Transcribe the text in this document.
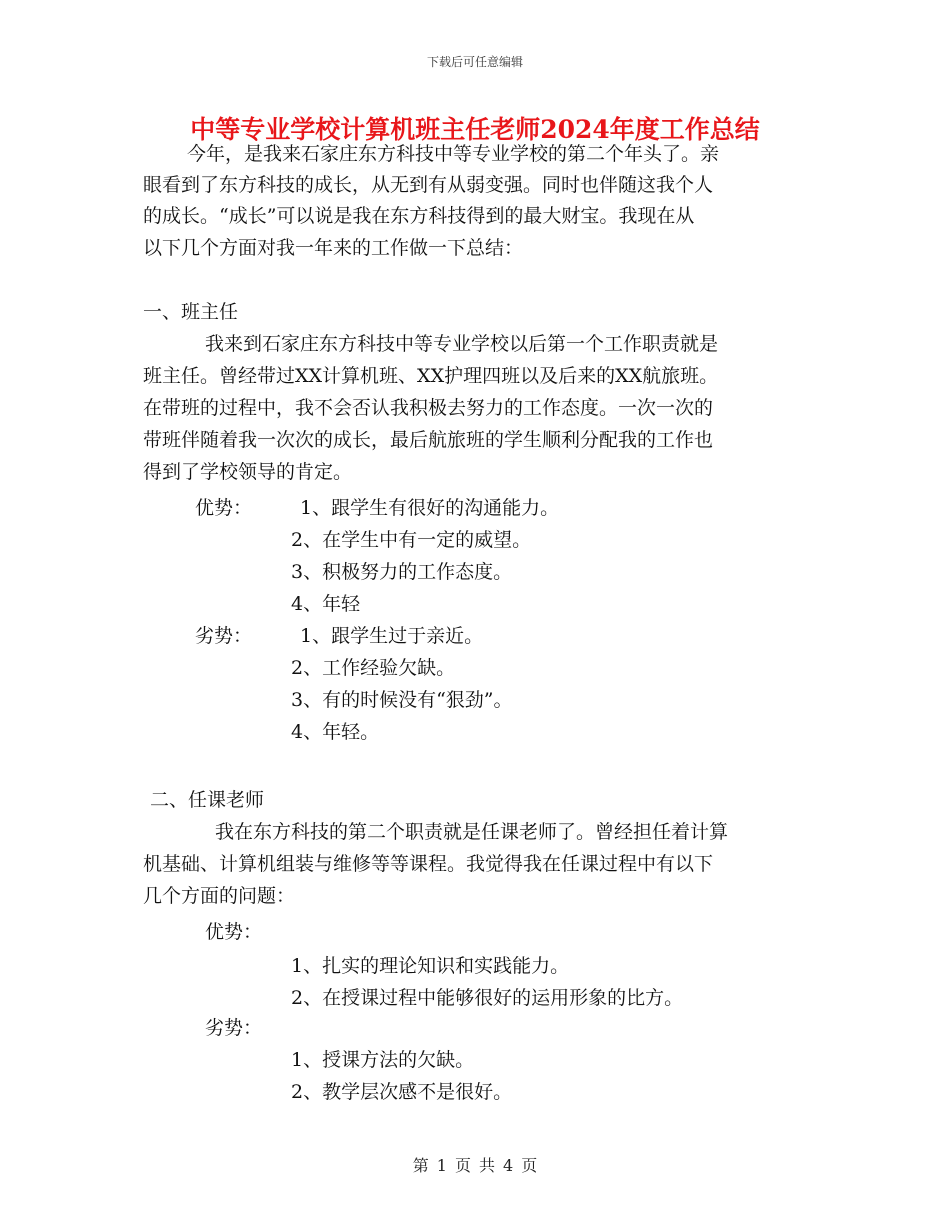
下载后可任意编辑
中等专业学校计算机班主任老师2024年度工作总结
今年，是我来石家庄东方科技中等专业学校的第二个年头了。亲
眼看到了东方科技的成长，从无到有从弱变强。同时也伴随这我个人
的成长。“成长”可以说是我在东方科技得到的最大财宝。我现在从
以下几个方面对我一年来的工作做一下总结：
一、班主任
我来到石家庄东方科技中等专业学校以后第一个工作职责就是
班主任。曾经带过XX计算机班、XX护理四班以及后来的XX航旅班。
在带班的过程中，我不会否认我积极去努力的工作态度。一次一次的
带班伴随着我一次次的成长，最后航旅班的学生顺利分配我的工作也
得到了学校领导的肯定。
优势：	1、跟学生有很好的沟通能力。
2、在学生中有一定的威望。
3、积极努力的工作态度。
4、年轻
劣势：	1、跟学生过于亲近。
2、工作经验欠缺。
3、有的时候没有“狠劲”。
4、年轻。
二、任课老师
我在东方科技的第二个职责就是任课老师了。曾经担任着计算
机基础、计算机组装与维修等等课程。我觉得我在任课过程中有以下
几个方面的问题：
优势：
1、扎实的理论知识和实践能力。
2、在授课过程中能够很好的运用形象的比方。
劣势：
1、授课方法的欠缺。
2、教学层次感不是很好。
第 1 页 共 4 页
